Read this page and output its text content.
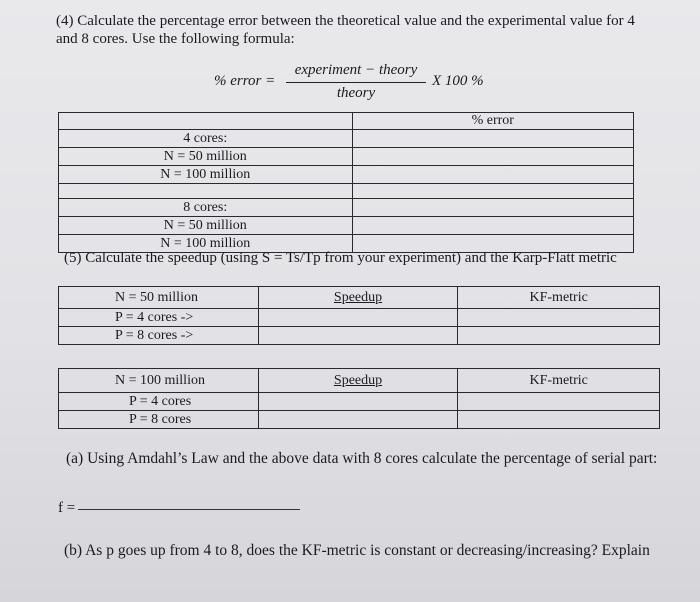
(4) Calculate the percentage error between the theoretical value and the experimental value for 4
and 8 cores. Use the following formula:
% error =
experiment − theory
theory
X 100 %
	% error
4 cores:	
N = 50 million	
N = 100 million	

8 cores:	
N = 50 million	
N = 100 million	
(5) Calculate the speedup (using S = Ts/Tp from your experiment) and the Karp-Flatt metric
N = 50 million	Speedup	KF-metric
P = 4 cores ->		
P = 8 cores ->		
N = 100 million	Speedup	KF-metric
P = 4 cores		
P = 8 cores		
(a) Using Amdahl’s Law and the above data with 8 cores calculate the percentage of serial part:
f =
(b) As p goes up from 4 to 8, does the KF-metric is constant or decreasing/increasing? Explain
